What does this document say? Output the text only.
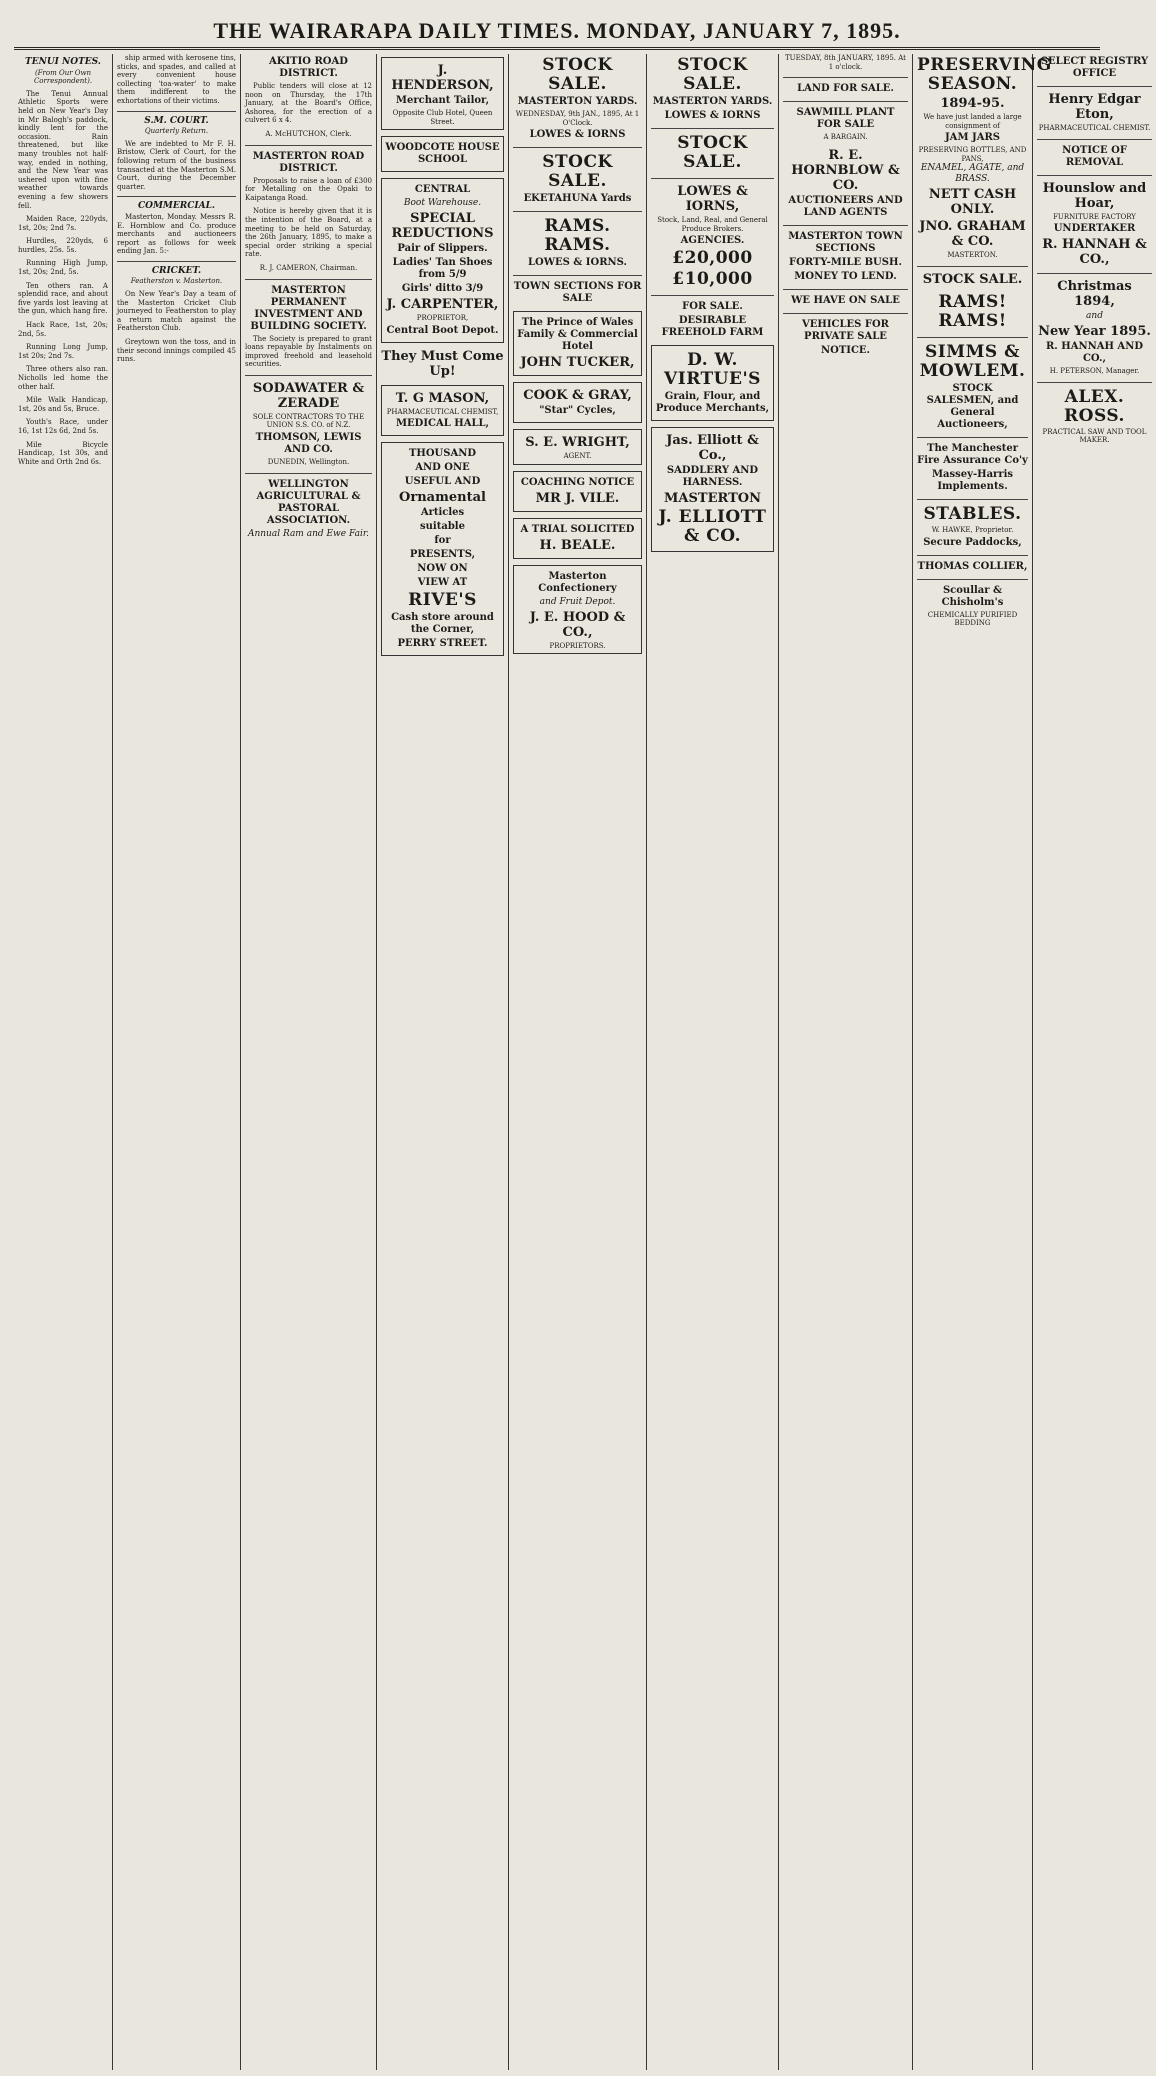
THE WAIRARAPA DAILY TIMES. MONDAY, JANUARY 7, 1895.
TENUI NOTES.
(From Our Own Correspondent).

The Tenui Annual Athletic Sports were held on New Year's Day in Mr Balogh's paddock, kindly lent for the occasion. Rain threatened, but like many troubles not half-way, ended in nothing, and the New Year was ushered upon with fine weather towards evening a few showers fell.

Maiden Race, 220yds, 1st, 20s; 2nd 7s.

Hurdles, 220yds, 6 hurdles, 25s. 5s.

Running High Jump, 1st, 20s; 2nd, 5s.

Ten others ran. A splendid race, and about five yards lost leaving at the gun, which hang fire.

Hack Race, 1st, 20s; 2nd, 5s.

Running Long Jump, 1st 20s; 2nd 7s.

Three others also ran. Nicholls led home the other half.

Mile Walk Handicap, 1st, 20s and 5s, Bruce.

Youth's Race, under 16, 1st 12s 6d, 2nd 5s.

Mile Bicycle Handicap, 1st 30s, and White and Orth 2nd 6s.

ship armed with kerosene tins, sticks, and spades, and called at every convenient house collecting 'toa-water' to make them indifferent to the exhortations of their victims.

S.M. COURT.
Quarterly Return.

We are indebted to Mr F. H. Bristow, Clerk of Court, for the following return of the business transacted at the Masterton S.M. Court, during the December quarter.

COMMERCIAL.

Masterton, Monday. Messrs R. E. Hornblow and Co. produce merchants and auctioneers report as follows for week ending Jan. 5:-

CRICKET.
Featherston v. Masterton.

On New Year's Day a team of the Masterton Cricket Club journeyed to Featherston to play a return match against the Featherston Club.

Greytown won the toss, and in their second innings compiled 45 runs.

AKITIO ROAD DISTRICT.

Public tenders will close at 12 noon on Thursday, the 17th January, at the Board's Office, Ashorea, for the erection of a culvert 6 x 4.

A. McHUTCHON, Clerk.
MASTERTON ROAD DISTRICT.

Proposals to raise a loan of £300 for Metalling on the Opaki to Kaipatanga Road.

Notice is hereby given that it is the intention of the Board, at a meeting to be held on Saturday, the 26th January, 1895, to make a special order striking a special rate.

R. J. CAMERON, Chairman.
MASTERTON PERMANENT INVESTMENT AND BUILDING SOCIETY.

The Society is prepared to grant loans repayable by Instalments on improved freehold and leasehold securities.

SODAWATER & ZERADE
SOLE CONTRACTORS TO THE UNION S.S. CO. of N.Z.
THOMSON, LEWIS AND CO.
DUNEDIN, Wellington.
WELLINGTON AGRICULTURAL & PASTORAL ASSOCIATION.
Annual Ram and Ewe Fair.
J. HENDERSON,
Merchant Tailor,
Opposite Club Hotel, Queen Street.
WOODCOTE HOUSE SCHOOL
CENTRAL
Boot Warehouse.
SPECIAL REDUCTIONS
Pair of Slippers.
Ladies' Tan Shoes from 5/9
Girls' ditto 3/9
J. CARPENTER,
PROPRIETOR,
Central Boot Depot.
They Must Come Up!
T. G MASON,
PHARMACEUTICAL CHEMIST,
MEDICAL HALL,
THOUSAND
AND ONE
USEFUL AND
Ornamental
Articles
suitable
for
PRESENTS,
NOW ON
VIEW AT
RIVE'S
Cash store around the Corner,
PERRY STREET.
STOCK SALE.
MASTERTON YARDS.
WEDNESDAY, 9th JAN., 1895, At 1 O'Clock.
LOWES & IORNS
STOCK SALE.
EKETAHUNA Yards
RAMS. RAMS.
LOWES & IORNS.
TOWN SECTIONS FOR SALE
The Prince of Wales Family & Commercial Hotel
JOHN TUCKER,
COOK & GRAY,
"Star" Cycles,
S. E. WRIGHT,
AGENT.
COACHING NOTICE
MR J. VILE.
A TRIAL SOLICITED
H. BEALE.
Masterton Confectionery
and Fruit Depot.
J. E. HOOD & CO.,
PROPRIETORS.
STOCK SALE.
MASTERTON YARDS.
LOWES & IORNS
STOCK SALE.
LOWES & IORNS,
Stock, Land, Real, and General Produce Brokers.
AGENCIES.
£20,000
£10,000
FOR SALE.
DESIRABLE FREEHOLD FARM
D. W. VIRTUE'S
Grain, Flour, and Produce Merchants,
Jas. Elliott & Co.,
SADDLERY AND HARNESS.
MASTERTON
J. ELLIOTT & CO.
TUESDAY, 8th JANUARY, 1895. At 1 o'clock.
LAND FOR SALE.
SAWMILL PLANT FOR SALE
A BARGAIN.
R. E. HORNBLOW & CO.
AUCTIONEERS AND LAND AGENTS
MASTERTON TOWN SECTIONS
FORTY-MILE BUSH.
MONEY TO LEND.
WE HAVE ON SALE
VEHICLES FOR PRIVATE SALE
NOTICE.
PRESERVING SEASON.
1894-95.
We have just landed a large consignment of
JAM JARS
PRESERVING BOTTLES, AND PANS,
ENAMEL, AGATE, and BRASS.
NETT CASH ONLY.
JNO. GRAHAM & CO.
MASTERTON.
STOCK SALE.
RAMS! RAMS!
SIMMS & MOWLEM.
STOCK SALESMEN, and General Auctioneers,
The Manchester Fire Assurance Co'y
Massey-Harris Implements.
STABLES.
W. HAWKE, Proprietor.
Secure Paddocks,
THOMAS COLLIER,
Scoullar & Chisholm's
CHEMICALLY PURIFIED BEDDING
SELECT REGISTRY OFFICE
Henry Edgar Eton,
PHARMACEUTICAL CHEMIST.
NOTICE OF REMOVAL
Hounslow and Hoar,
FURNITURE FACTORY
UNDERTAKER
R. HANNAH & CO.,
Christmas 1894,
and
New Year 1895.
R. HANNAH AND CO.,
H. PETERSON, Manager.
ALEX. ROSS.
PRACTICAL SAW AND TOOL MAKER.
